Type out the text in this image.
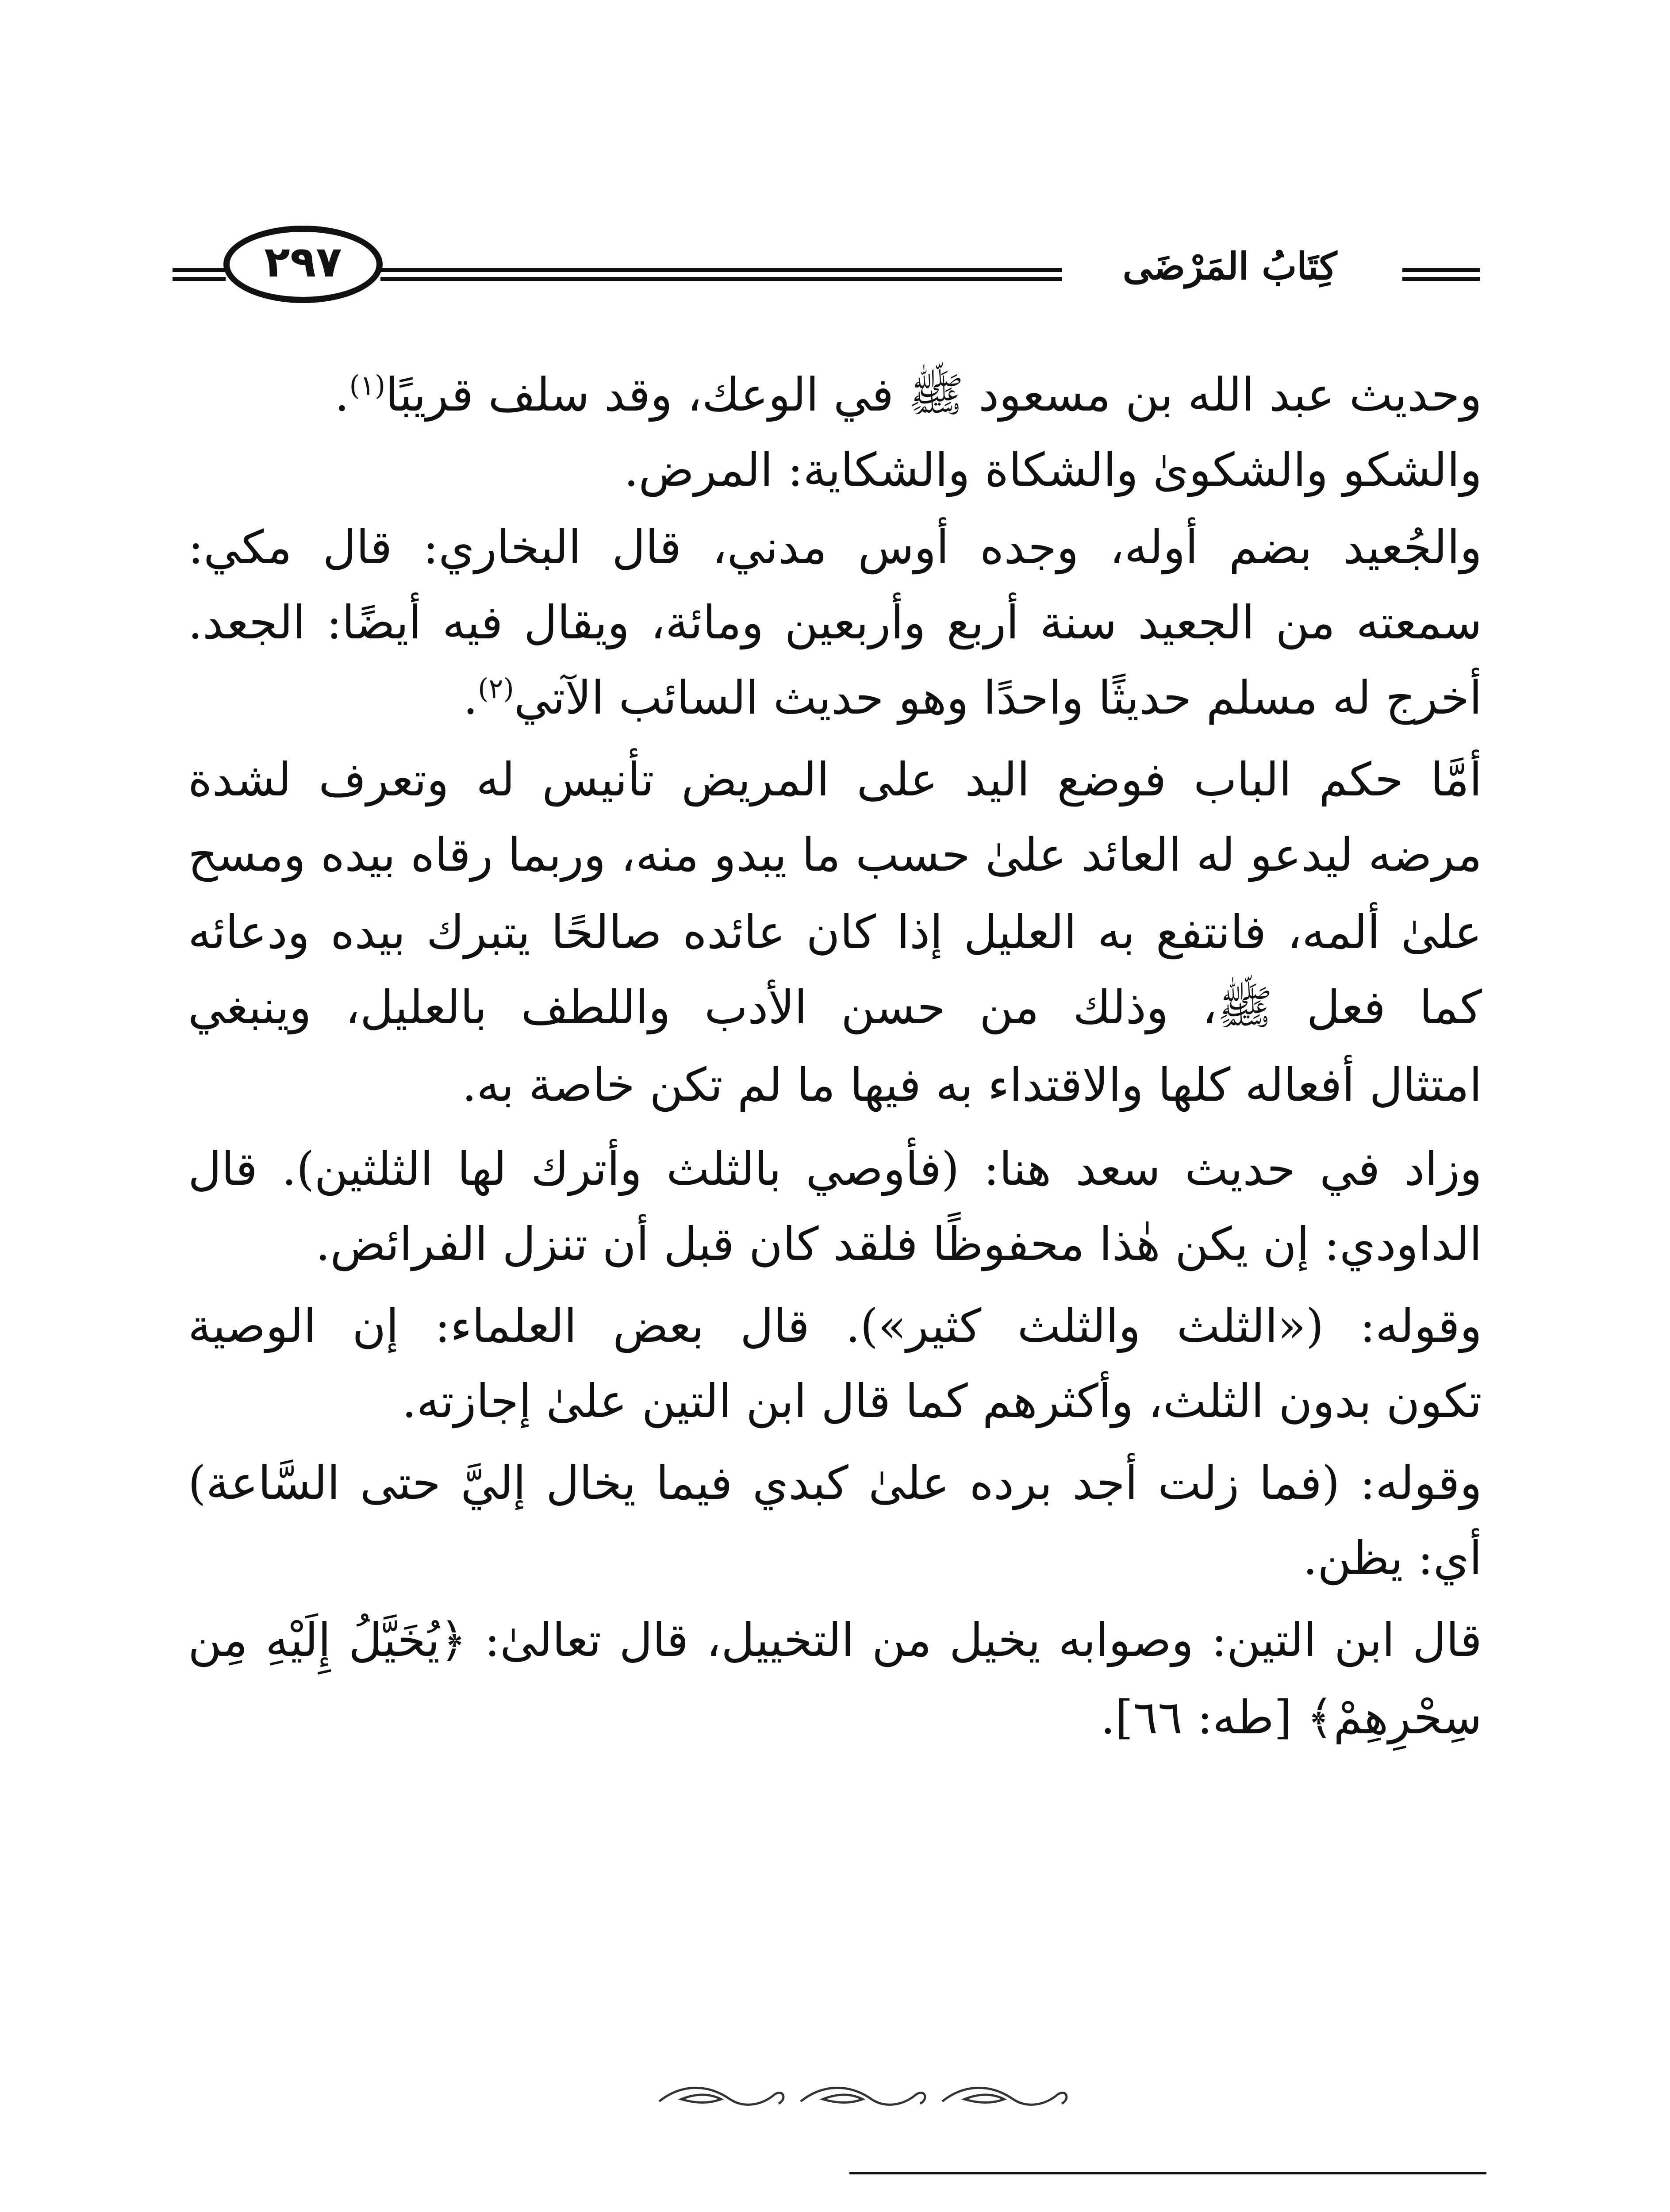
كِتَابُ المَرْضَى
٢٩٧
وحديث عبد الله بن مسعود ﷺ في الوعك، وقد سلف قريبًا$^{(١)}$.
والشكو والشكوىٰ والشكاة والشكاية: المرض.
والجُعيد بضم أوله، وجده أوس مدني، قال البخاري: قال مكي:
سمعته من الجعيد سنة أربع وأربعين ومائة، ويقال فيه أيضًا: الجعد.
أخرج له مسلم حديثًا واحدًا وهو حديث السائب الآتي$^{(٢)}$.
أمَّا حكم الباب فوضع اليد على المريض تأنيس له وتعرف لشدة
مرضه ليدعو له العائد علىٰ حسب ما يبدو منه، وربما رقاه بيده ومسح
علىٰ ألمه، فانتفع به العليل إذا كان عائده صالحًا يتبرك بيده ودعائه
كما فعل ﷺ، وذلك من حسن الأدب واللطف بالعليل، وينبغي
امتثال أفعاله كلها والاقتداء به فيها ما لم تكن خاصة به.
وزاد في حديث سعد هنا: (فأوصي بالثلث وأترك لها الثلثين). قال
الداودي: إن يكن هٰذا محفوظًا فلقد كان قبل أن تنزل الفرائض.
وقوله: («الثلث والثلث كثير»). قال بعض العلماء: إن الوصية
تكون بدون الثلث، وأكثرهم كما قال ابن التين علىٰ إجازته.
وقوله: (فما زلت أجد برده علىٰ كبدي فيما يخال إليَّ حتى السَّاعة)
أي: يظن.
قال ابن التين: وصوابه يخيل من التخييل، قال تعالىٰ: ﴿يُخَيَّلُ إِلَيْهِ مِن
سِحْرِهِمْ﴾ [طه: ٦٦].
